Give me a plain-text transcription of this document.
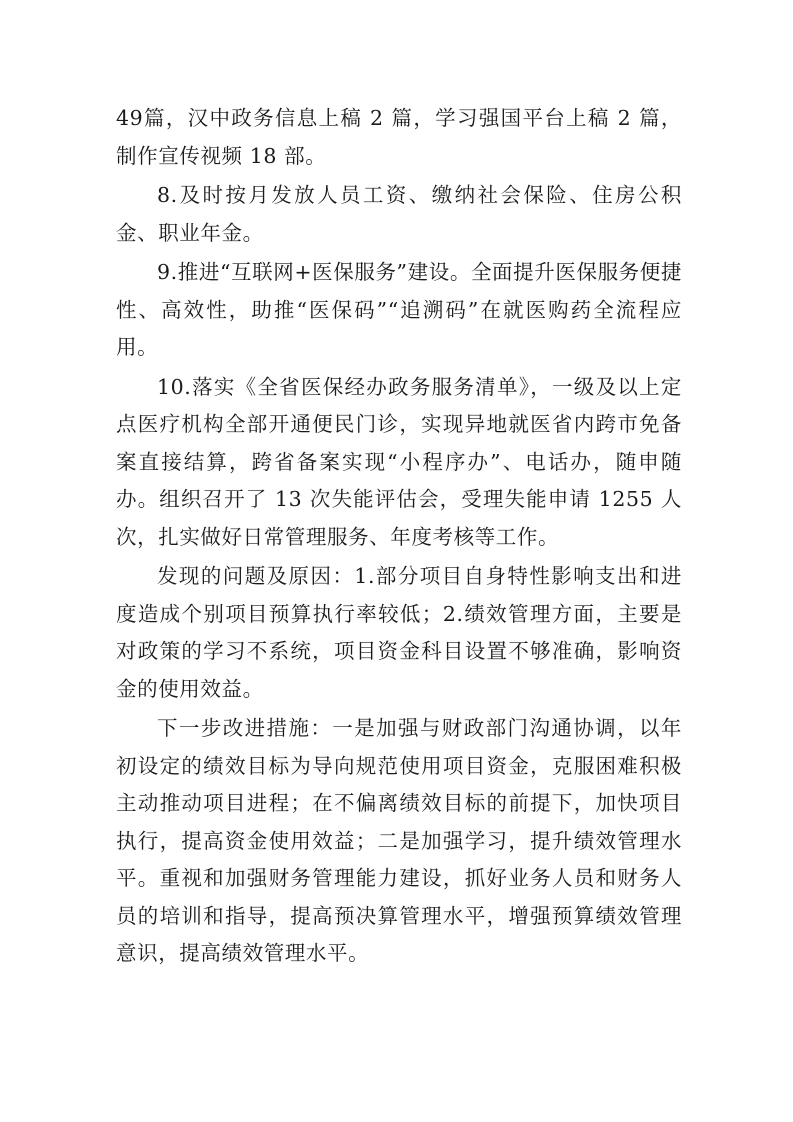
49篇，汉中政务信息上稿 2 篇，学习强国平台上稿 2 篇，制作宣传视频 18 部。

8.及时按月发放人员工资、缴纳社会保险、住房公积金、职业年金。

9.推进“互联网+医保服务”建设。全面提升医保服务便捷性、高效性，助推“医保码”“追溯码”在就医购药全流程应用。

10.落实《全省医保经办政务服务清单》，一级及以上定点医疗机构全部开通便民门诊，实现异地就医省内跨市免备案直接结算，跨省备案实现“小程序办”、电话办，随申随办。组织召开了 13 次失能评估会，受理失能申请 1255 人次，扎实做好日常管理服务、年度考核等工作。

发现的问题及原因：1.部分项目自身特性影响支出和进度造成个别项目预算执行率较低；2.绩效管理方面，主要是对政策的学习不系统，项目资金科目设置不够准确，影响资金的使用效益。

下一步改进措施：一是加强与财政部门沟通协调，以年初设定的绩效目标为导向规范使用项目资金，克服困难积极主动推动项目进程；在不偏离绩效目标的前提下，加快项目执行，提高资金使用效益；二是加强学习，提升绩效管理水平。重视和加强财务管理能力建设，抓好业务人员和财务人员的培训和指导，提高预决算管理水平，增强预算绩效管理意识，提高绩效管理水平。
